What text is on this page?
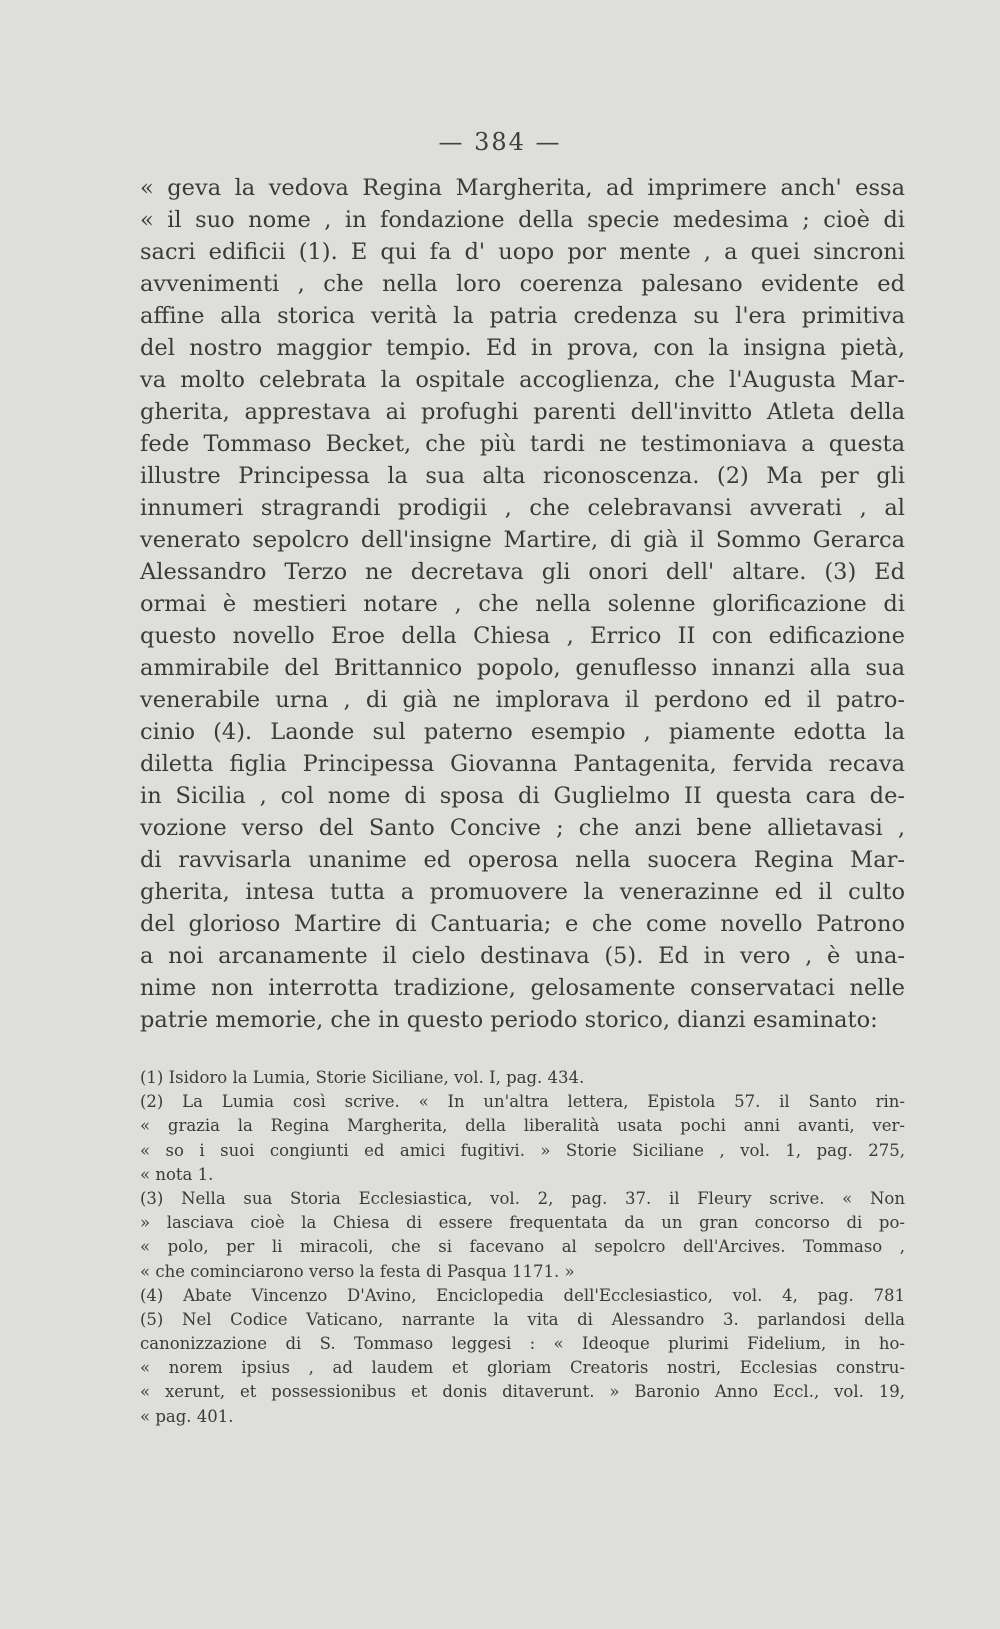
— 384 —
« geva la vedova Regina Margherita, ad imprimere anch' essa
« il suo nome , in fondazione della specie medesima ; cioè di
sacri edificii (1). E qui fa d' uopo por mente , a quei sincroni
avvenimenti , che nella loro coerenza palesano evidente ed
affine alla storica verità la patria credenza su l'era primitiva
del nostro maggior tempio. Ed in prova, con la insigna pietà,
va molto celebrata la ospitale accoglienza, che l'Augusta Mar-
gherita, apprestava ai profughi parenti dell'invitto Atleta della
fede Tommaso Becket, che più tardi ne testimoniava a questa
illustre Principessa la sua alta riconoscenza. (2) Ma per gli
innumeri stragrandi prodigii , che celebravansi avverati , al
venerato sepolcro dell'insigne Martire, di già il Sommo Gerarca
Alessandro Terzo ne decretava gli onori dell' altare. (3) Ed
ormai è mestieri notare , che nella solenne glorificazione di
questo novello Eroe della Chiesa , Errico II con edificazione
ammirabile del Brittannico popolo, genuflesso innanzi alla sua
venerabile urna , di già ne implorava il perdono ed il patro-
cinio (4). Laonde sul paterno esempio , piamente edotta la
diletta figlia Principessa Giovanna Pantagenita, fervida recava
in Sicilia , col nome di sposa di Guglielmo II questa cara de-
vozione verso del Santo Concive ; che anzi bene allietavasi ,
di ravvisarla unanime ed operosa nella suocera Regina Mar-
gherita, intesa tutta a promuovere la venerazinne ed il culto
del glorioso Martire di Cantuaria; e che come novello Patrono
a noi arcanamente il cielo destinava (5). Ed in vero , è una-
nime non interrotta tradizione, gelosamente conservataci nelle
patrie memorie, che in questo periodo storico, dianzi esaminato:
(1) Isidoro la Lumia, Storie Siciliane, vol. I, pag. 434.
(2) La Lumia così scrive. « In un'altra lettera, Epistola 57. il Santo rin-
« grazia la Regina Margherita, della liberalità usata pochi anni avanti, ver-
« so i suoi congiunti ed amici fugitivi. » Storie Siciliane , vol. 1, pag. 275,
« nota 1.
(3) Nella sua Storia Ecclesiastica, vol. 2, pag. 37. il Fleury scrive. « Non
» lasciava cioè la Chiesa di essere frequentata da un gran concorso di po-
« polo, per li miracoli, che si facevano al sepolcro dell'Arcives. Tommaso ,
« che cominciarono verso la festa di Pasqua 1171. »
(4) Abate Vincenzo D'Avino, Enciclopedia dell'Ecclesiastico, vol. 4, pag. 781
(5) Nel Codice Vaticano, narrante la vita di Alessandro 3. parlandosi della
canonizzazione di S. Tommaso leggesi : « Ideoque plurimi Fidelium, in ho-
« norem ipsius , ad laudem et gloriam Creatoris nostri, Ecclesias constru-
« xerunt, et possessionibus et donis ditaverunt. » Baronio Anno Eccl., vol. 19,
« pag. 401.
